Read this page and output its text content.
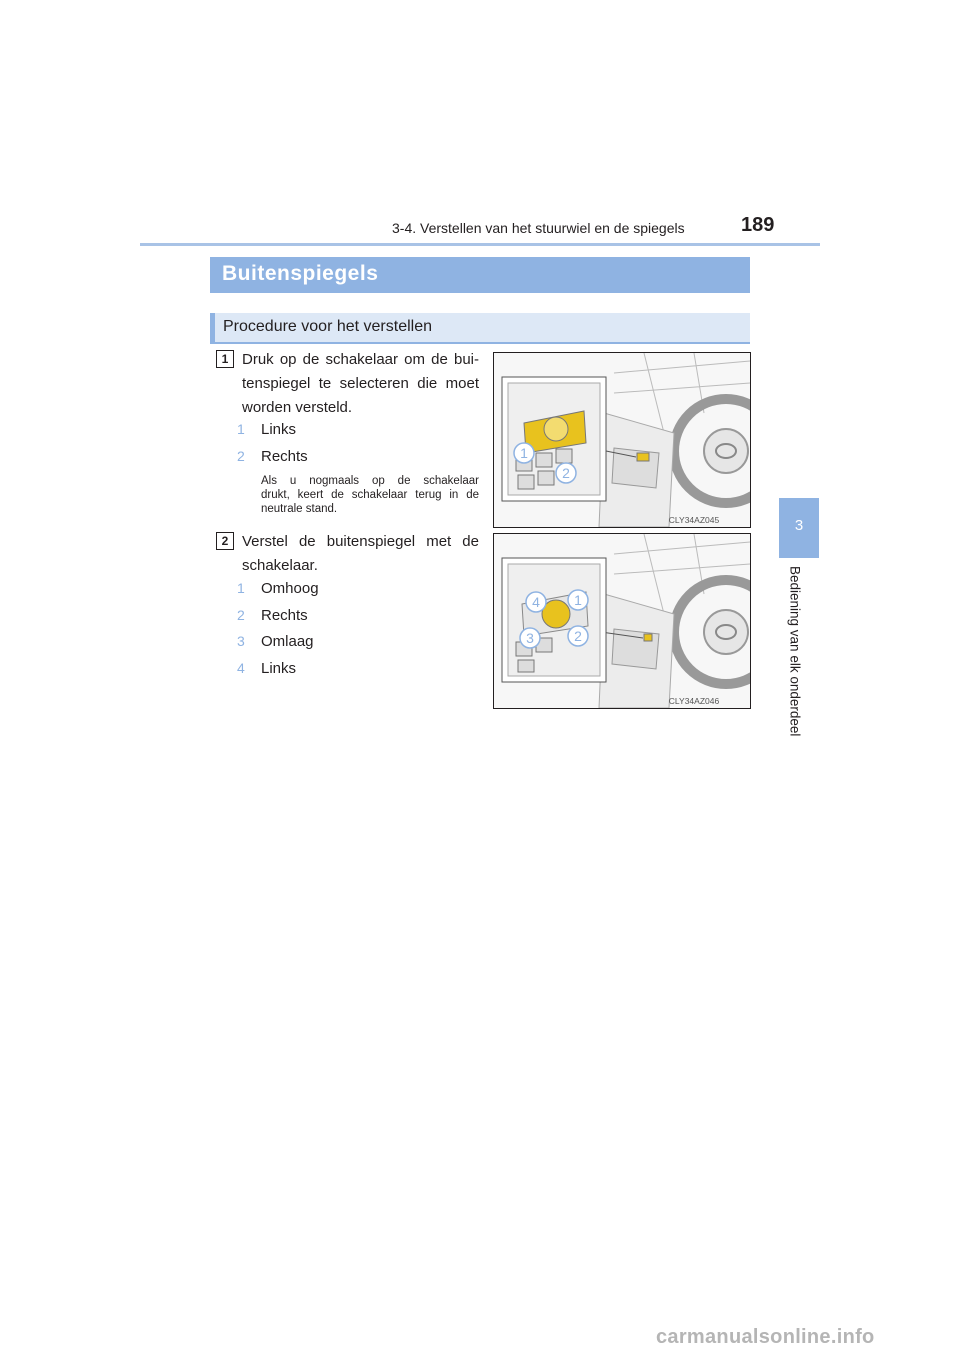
3-4. Verstellen van het stuurwiel en de spiegels	189
3
Bediening van elk onderdeel
Buitenspiegels
Procedure voor het verstellen
1 Druk op de schakelaar om de bui-
tenspiegel te selecteren die moet
worden versteld.
1 Links
2 Rechts
Als u nogmaals op de schakelaar
drukt, keert de schakelaar terug in de
neutrale stand.
1
2
CLY34AZ045
2 Verstel de buitenspiegel met de
schakelaar.
1 Omhoog
2 Rechts
3 Omlaag
4 Links
4 1
3	2
CLY34AZ046
carmanualsonline.info
